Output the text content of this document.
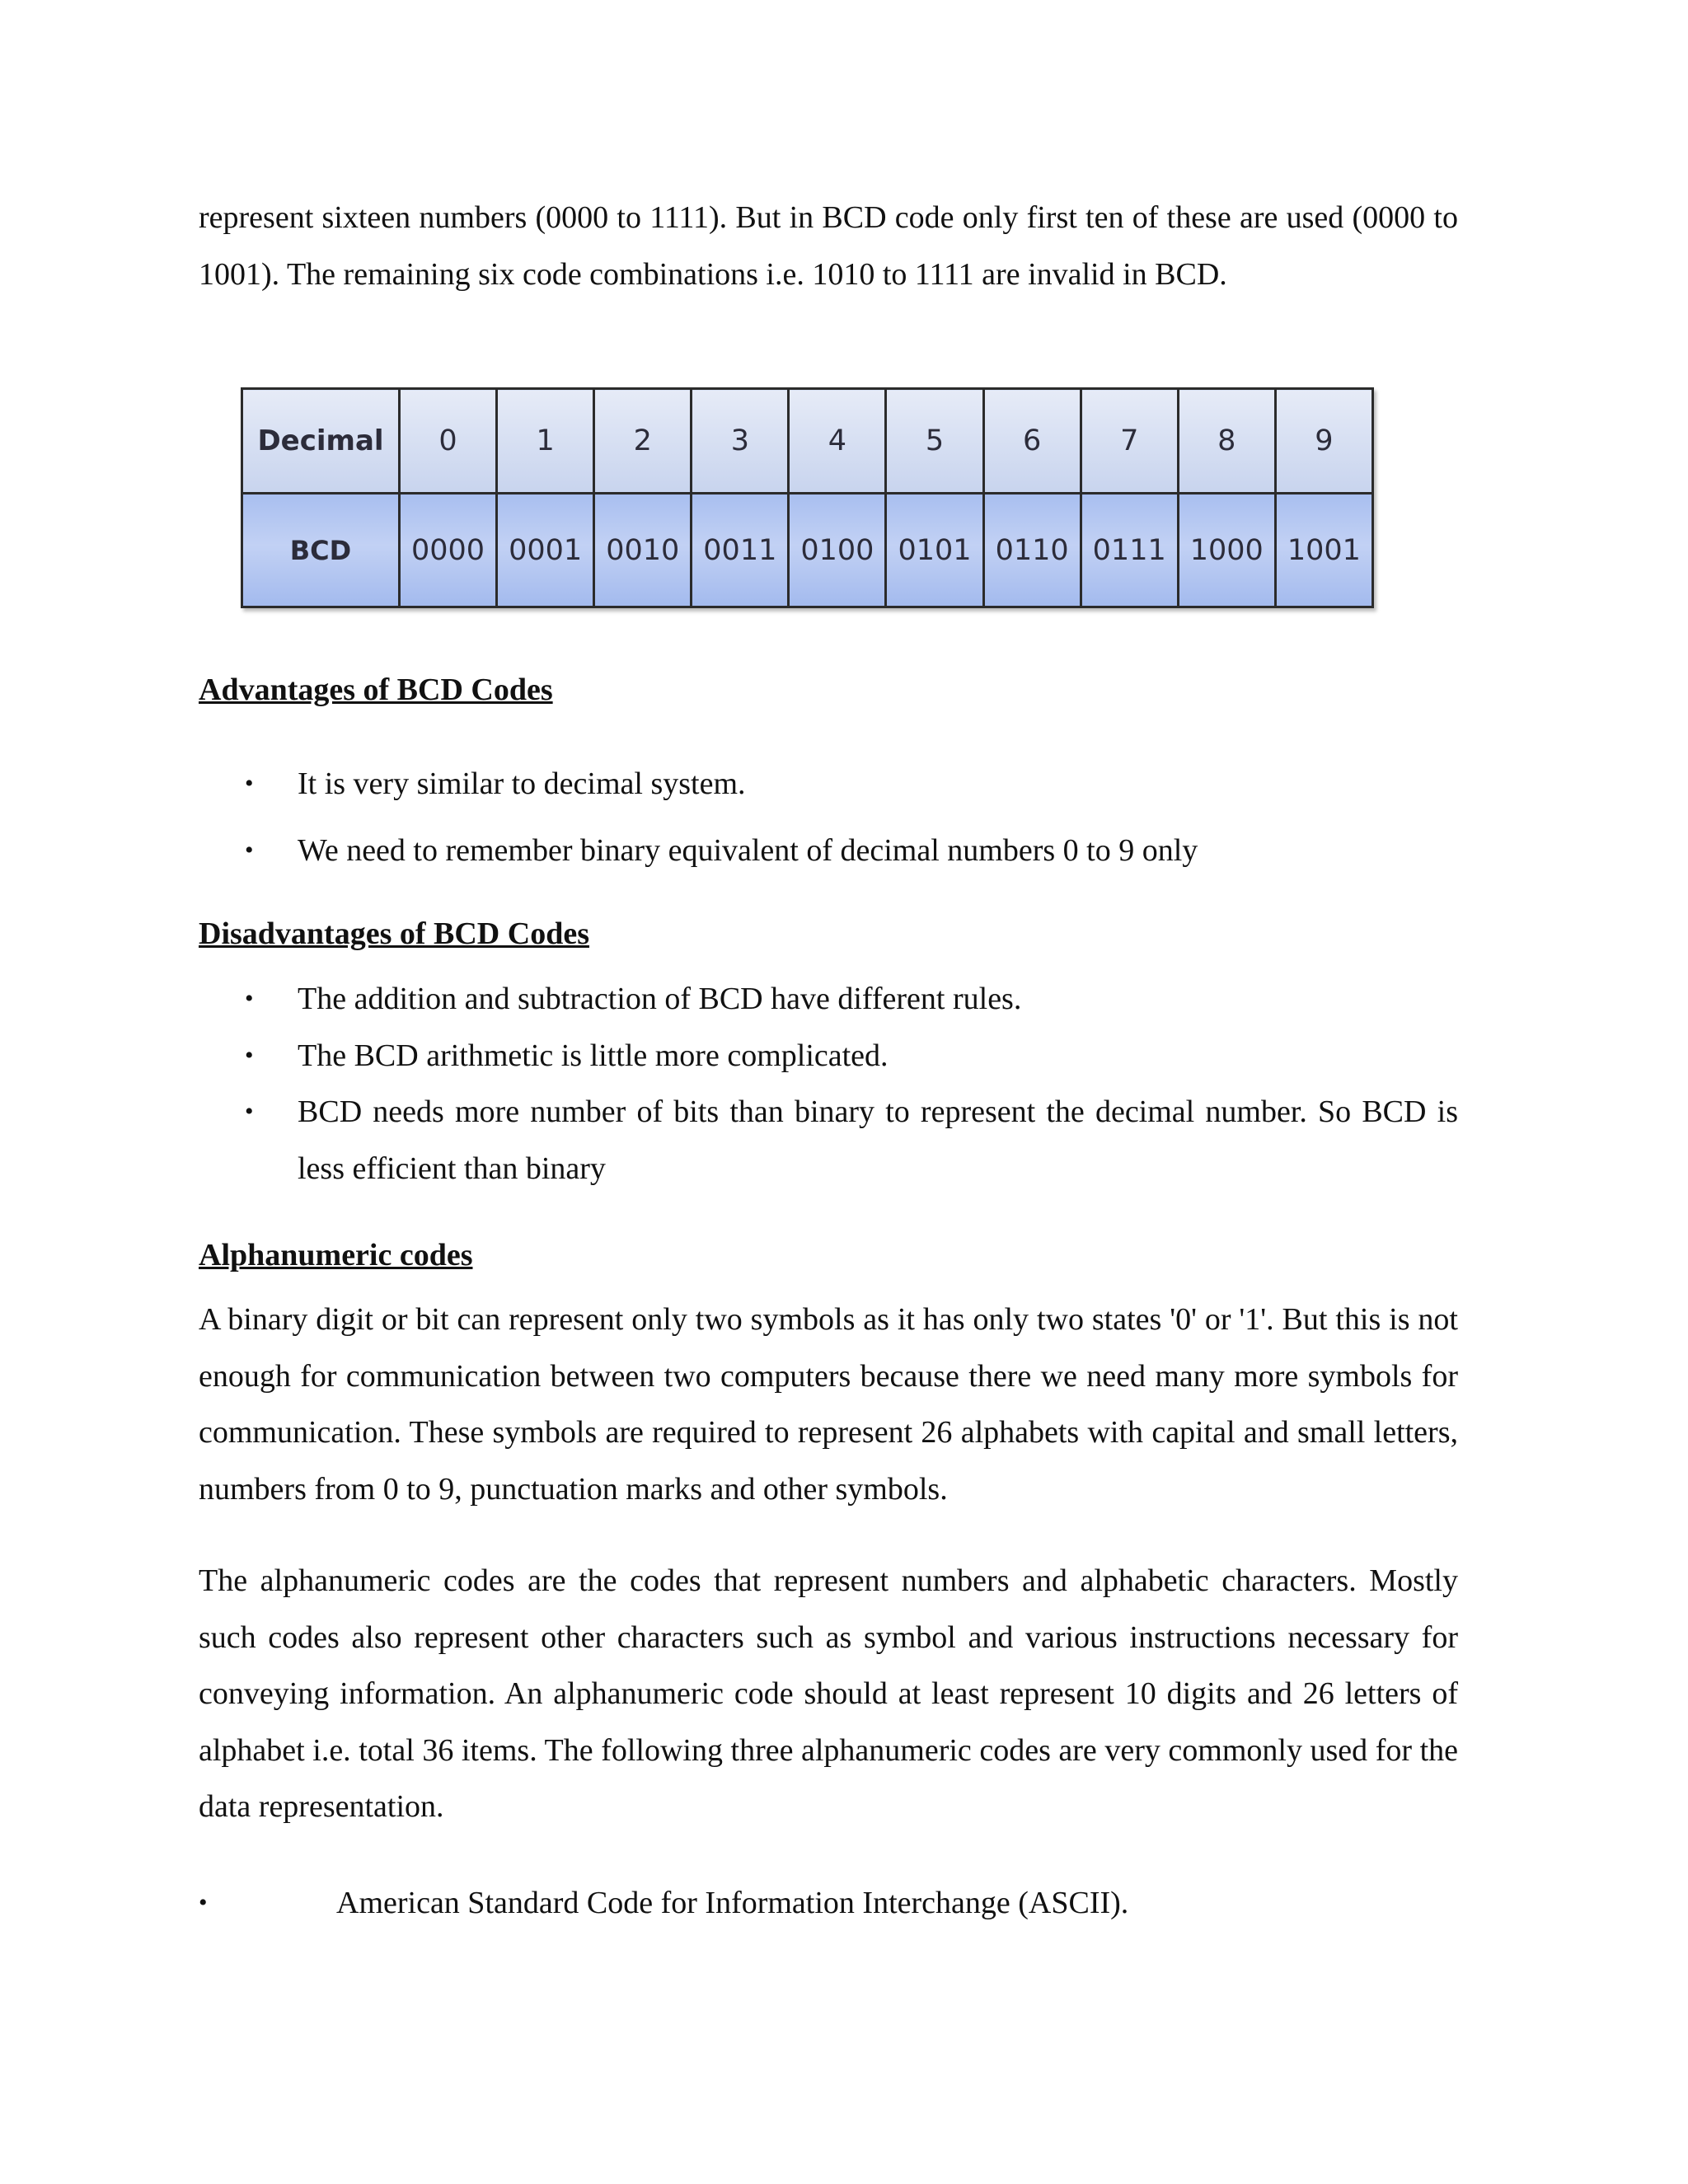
represent sixteen numbers (0000 to 1111). But in BCD code only first ten of these are used (0000 to 1001). The remaining six code combinations i.e. 1010 to 1111 are invalid in BCD.

Decimal	0	1	2	3	4	5	6	7	8	9
BCD	0000	0001	0010	0011	0100	0101	0110	0111	1000	1001
Advantages of BCD Codes
• It is very similar to decimal system.
• We need to remember binary equivalent of decimal numbers 0 to 9 only
Disadvantages of BCD Codes
• The addition and subtraction of BCD have different rules.
• The BCD arithmetic is little more complicated.
• BCD needs more number of bits than binary to represent the decimal number. So BCD is less efficient than binary
Alphanumeric codes

A binary digit or bit can represent only two symbols as it has only two states '0' or '1'. But this is not enough for communication between two computers because there we need many more symbols for communication. These symbols are required to represent 26 alphabets with capital and small letters, numbers from 0 to 9, punctuation marks and other symbols.

The alphanumeric codes are the codes that represent numbers and alphabetic characters. Mostly such codes also represent other characters such as symbol and various instructions necessary for conveying information. An alphanumeric code should at least represent 10 digits and 26 letters of alphabet i.e. total 36 items. The following three alphanumeric codes are very commonly used for the data representation.

•	American Standard Code for Information Interchange (ASCII).
